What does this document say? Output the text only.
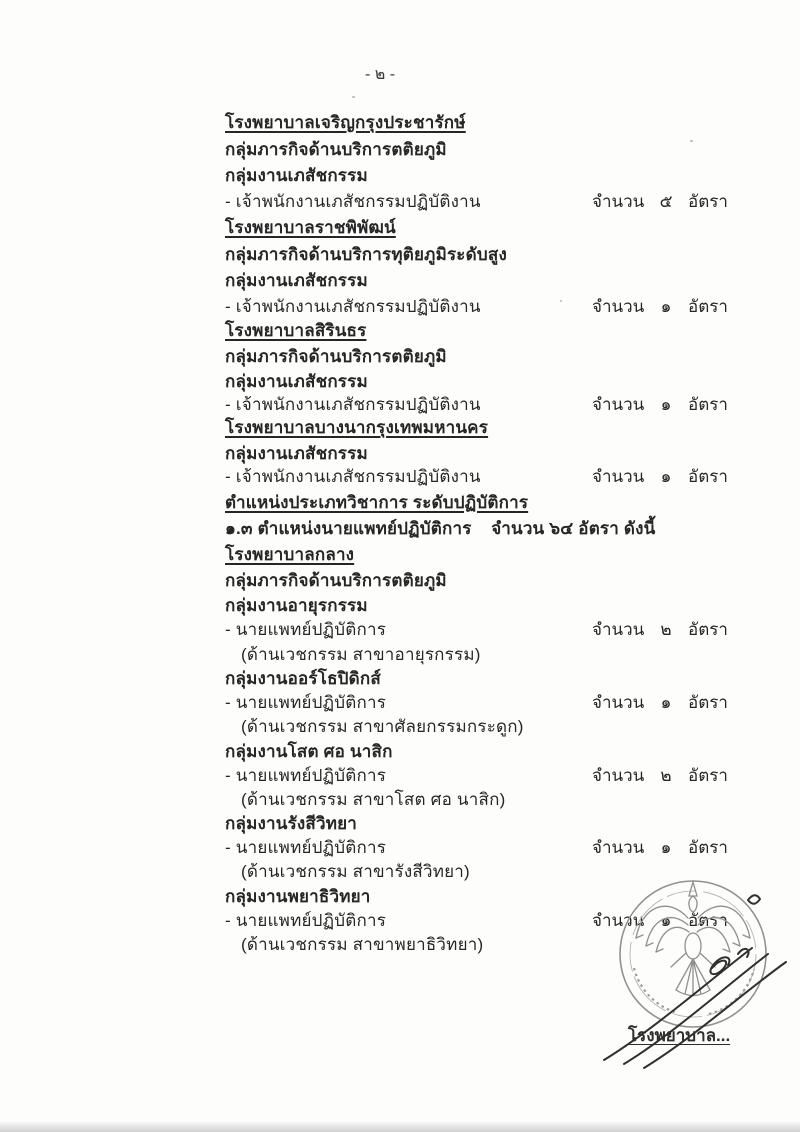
- ๒ -
โรงพยาบาลเจริญกรุงประชารักษ์
กลุ่มภารกิจด้านบริการตติยภูมิ
กลุ่มงานเภสัชกรรม
- เจ้าพนักงานเภสัชกรรมปฏิบัติงาน	จำนวน ๕ อัตรา
โรงพยาบาลราชพิพัฒน์
กลุ่มภารกิจด้านบริการทุติยภูมิระดับสูง
กลุ่มงานเภสัชกรรม
- เจ้าพนักงานเภสัชกรรมปฏิบัติงาน	จำนวน ๑ อัตรา
โรงพยาบาลสิรินธร
กลุ่มภารกิจด้านบริการตติยภูมิ
กลุ่มงานเภสัชกรรม
- เจ้าพนักงานเภสัชกรรมปฏิบัติงาน	จำนวน ๑ อัตรา
โรงพยาบาลบางนากรุงเทพมหานคร
กลุ่มงานเภสัชกรรม
- เจ้าพนักงานเภสัชกรรมปฏิบัติงาน	จำนวน ๑ อัตรา
ตำแหน่งประเภทวิชาการ ระดับปฏิบัติการ
๑.๓ ตำแหน่งนายแพทย์ปฏิบัติการ    จำนวน ๖๔ อัตรา ดังนี้
โรงพยาบาลกลาง
กลุ่มภารกิจด้านบริการตติยภูมิ
กลุ่มงานอายุรกรรม
- นายแพทย์ปฏิบัติการ	จำนวน ๒ อัตรา
(ด้านเวชกรรม สาขาอายุรกรรม)
กลุ่มงานออร์โธปิดิกส์
- นายแพทย์ปฏิบัติการ	จำนวน ๑ อัตรา
(ด้านเวชกรรม สาขาศัลยกรรมกระดูก)
กลุ่มงานโสต ศอ นาสิก
- นายแพทย์ปฏิบัติการ	จำนวน ๒ อัตรา
(ด้านเวชกรรม สาขาโสต ศอ นาสิก)
กลุ่มงานรังสีวิทยา
- นายแพทย์ปฏิบัติการ	จำนวน ๑ อัตรา
(ด้านเวชกรรม สาขารังสีวิทยา)
กลุ่มงานพยาธิวิทยา
- นายแพทย์ปฏิบัติการ	จำนวน ๑ อัตรา
(ด้านเวชกรรม สาขาพยาธิวิทยา)
โรงพยาบาล...
